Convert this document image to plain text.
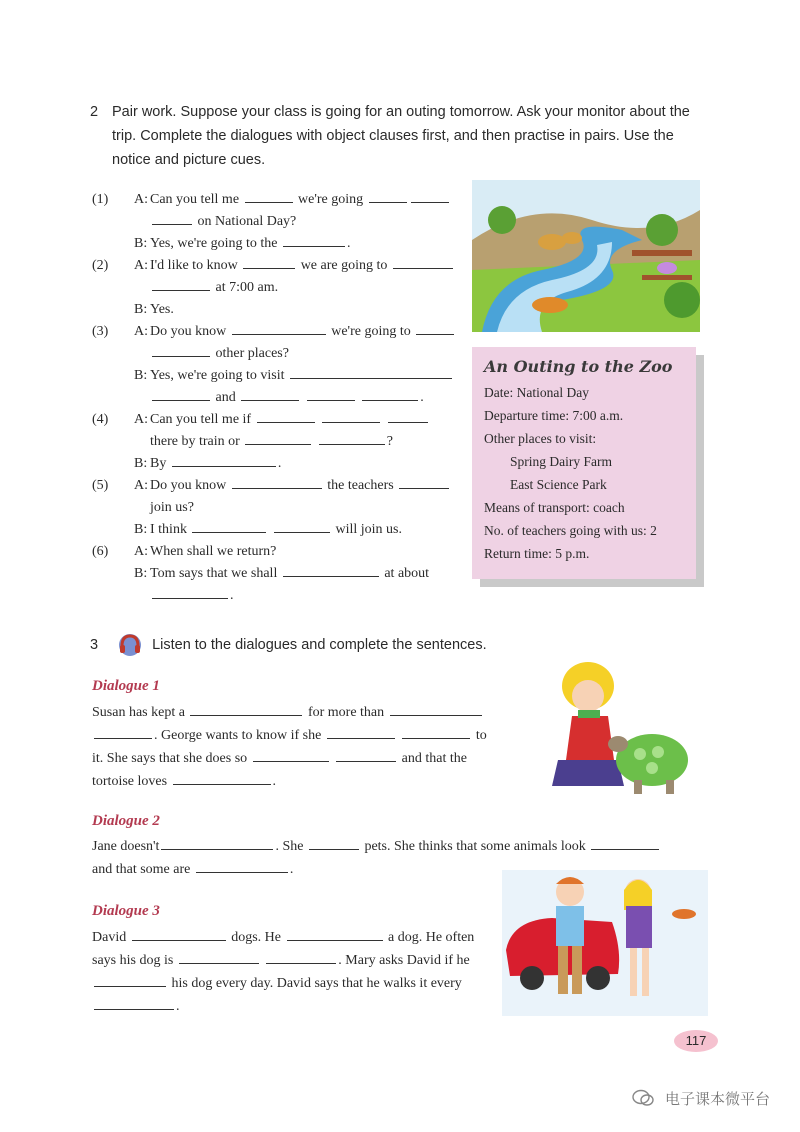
2 Pair work. Suppose your class is going for an outing tomorrow. Ask your monitor about the
trip. Complete the dialogues with object clauses first, and then practise in pairs. Use the
notice and picture cues.
(1) A: Can you tell me	we're going
on National Day?
B: Yes, we're going to the	.
(2) A: I'd like to know	we are going to
at 7:00 am.
B: Yes.
(3) A: Do you know	we're going to
other places?
B: Yes, we're going to visit
and	.
(4) A: Can you tell me if
there by train or	?
B: By	.
(5) A: Do you know	the teachers
join us?
B: I think	will join us.
(6) A: When shall we return?
B: Tom says that we shall	at about
.
An Outing to the Zoo
Date: National Day
Departure time: 7:00 a.m.
Other places to visit:
Spring Dairy Farm
East Science Park
Means of transport: coach
No. of teachers going with us: 2
Return time: 5 p.m.
3	Listen to the dialogues and complete the sentences.
Dialogue 1
Susan has kept a	for more than
. George wants to know if she	to
it. She says that she does so	and that the
tortoise loves	.
Dialogue 2
Jane doesn't	. She	pets. She thinks that some animals look
and that some are	.
Dialogue 3
David	dogs. He	a dog. He often
says his dog is	. Mary asks David if he
his dog every day. David says that he walks it every
.
117
电子课本微平台
